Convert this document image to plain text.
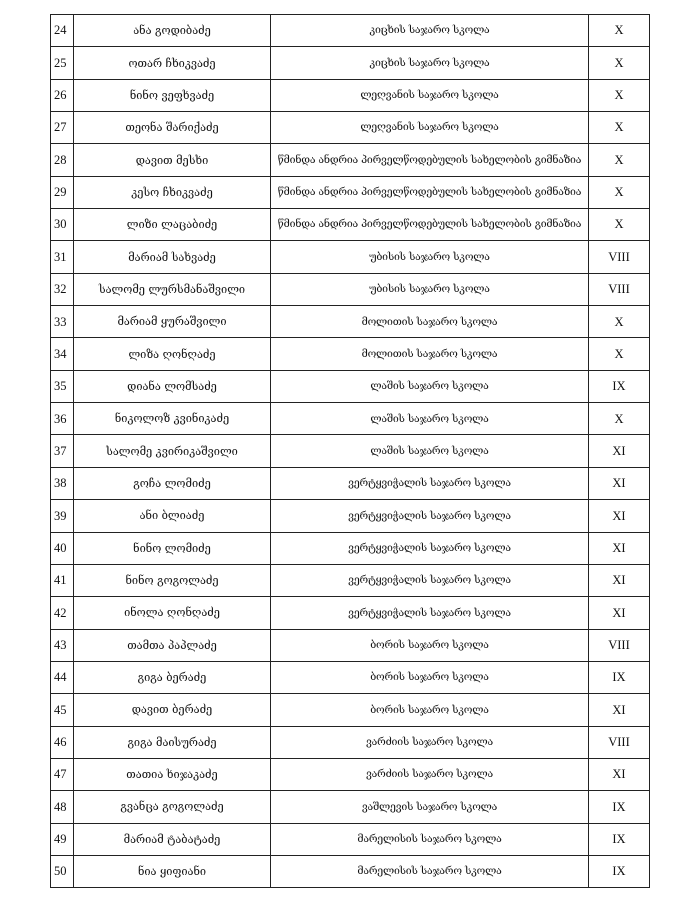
24	ანა გოდიბაძე	კიცხის საჯარო სკოლა	X
25	ოთარ ჩხიკვაძე	კიცხის საჯარო სკოლა	X
26	ნინო ვეფხვაძე	ლეღვანის საჯარო სკოლა	X
27	თეონა შარიქაძე	ლეღვანის საჯარო სკოლა	X
28	დავით მესხი	წმინდა ანდრია პირველწოდებულის სახელობის გიმნაზია	X
29	კესო ჩხიკვაძე	წმინდა ანდრია პირველწოდებულის სახელობის გიმნაზია	X
30	ლიზი ლაცაბიძე	წმინდა ანდრია პირველწოდებულის სახელობის გიმნაზია	X
31	მარიამ სახვაძე	უბისის საჯარო სკოლა	VIII
32	სალომე ლურსმანაშვილი	უბისის საჯარო სკოლა	VIII
33	მარიამ ყურაშვილი	მოლითის საჯარო სკოლა	X
34	ლიზა ღონღაძე	მოლითის საჯარო სკოლა	X
35	დიანა ლომსაძე	ლაშის საჯარო სკოლა	IX
36	ნიკოლოზ კვინიკაძე	ლაშის საჯარო სკოლა	X
37	სალომე კვირიკაშვილი	ლაშის საჯარო სკოლა	XI
38	გოჩა ლომიძე	ვერტყვიჭალის საჯარო სკოლა	XI
39	ანი ბლიაძე	ვერტყვიჭალის საჯარო სკოლა	XI
40	ნინო ლომიძე	ვერტყვიჭალის საჯარო სკოლა	XI
41	ნინო გოგოლაძე	ვერტყვიჭალის საჯარო სკოლა	XI
42	ინოლა ღონღაძე	ვერტყვიჭალის საჯარო სკოლა	XI
43	თამთა პაპლაძე	ბორის საჯარო სკოლა	VIII
44	გიგა ბერაძე	ბორის საჯარო სკოლა	IX
45	დავით ბერაძე	ბორის საჯარო სკოლა	XI
46	გიგა მაისურაძე	ვარძიის საჯარო სკოლა	VIII
47	თათია ხიჯაკაძე	ვარძიის საჯარო სკოლა	XI
48	გვანცა გოგოლაძე	ვაშლევის საჯარო სკოლა	IX
49	მარიამ ტაბატაძე	მარელისის საჯარო სკოლა	IX
50	ნია ყიფიანი	მარელისის საჯარო სკოლა	IX
